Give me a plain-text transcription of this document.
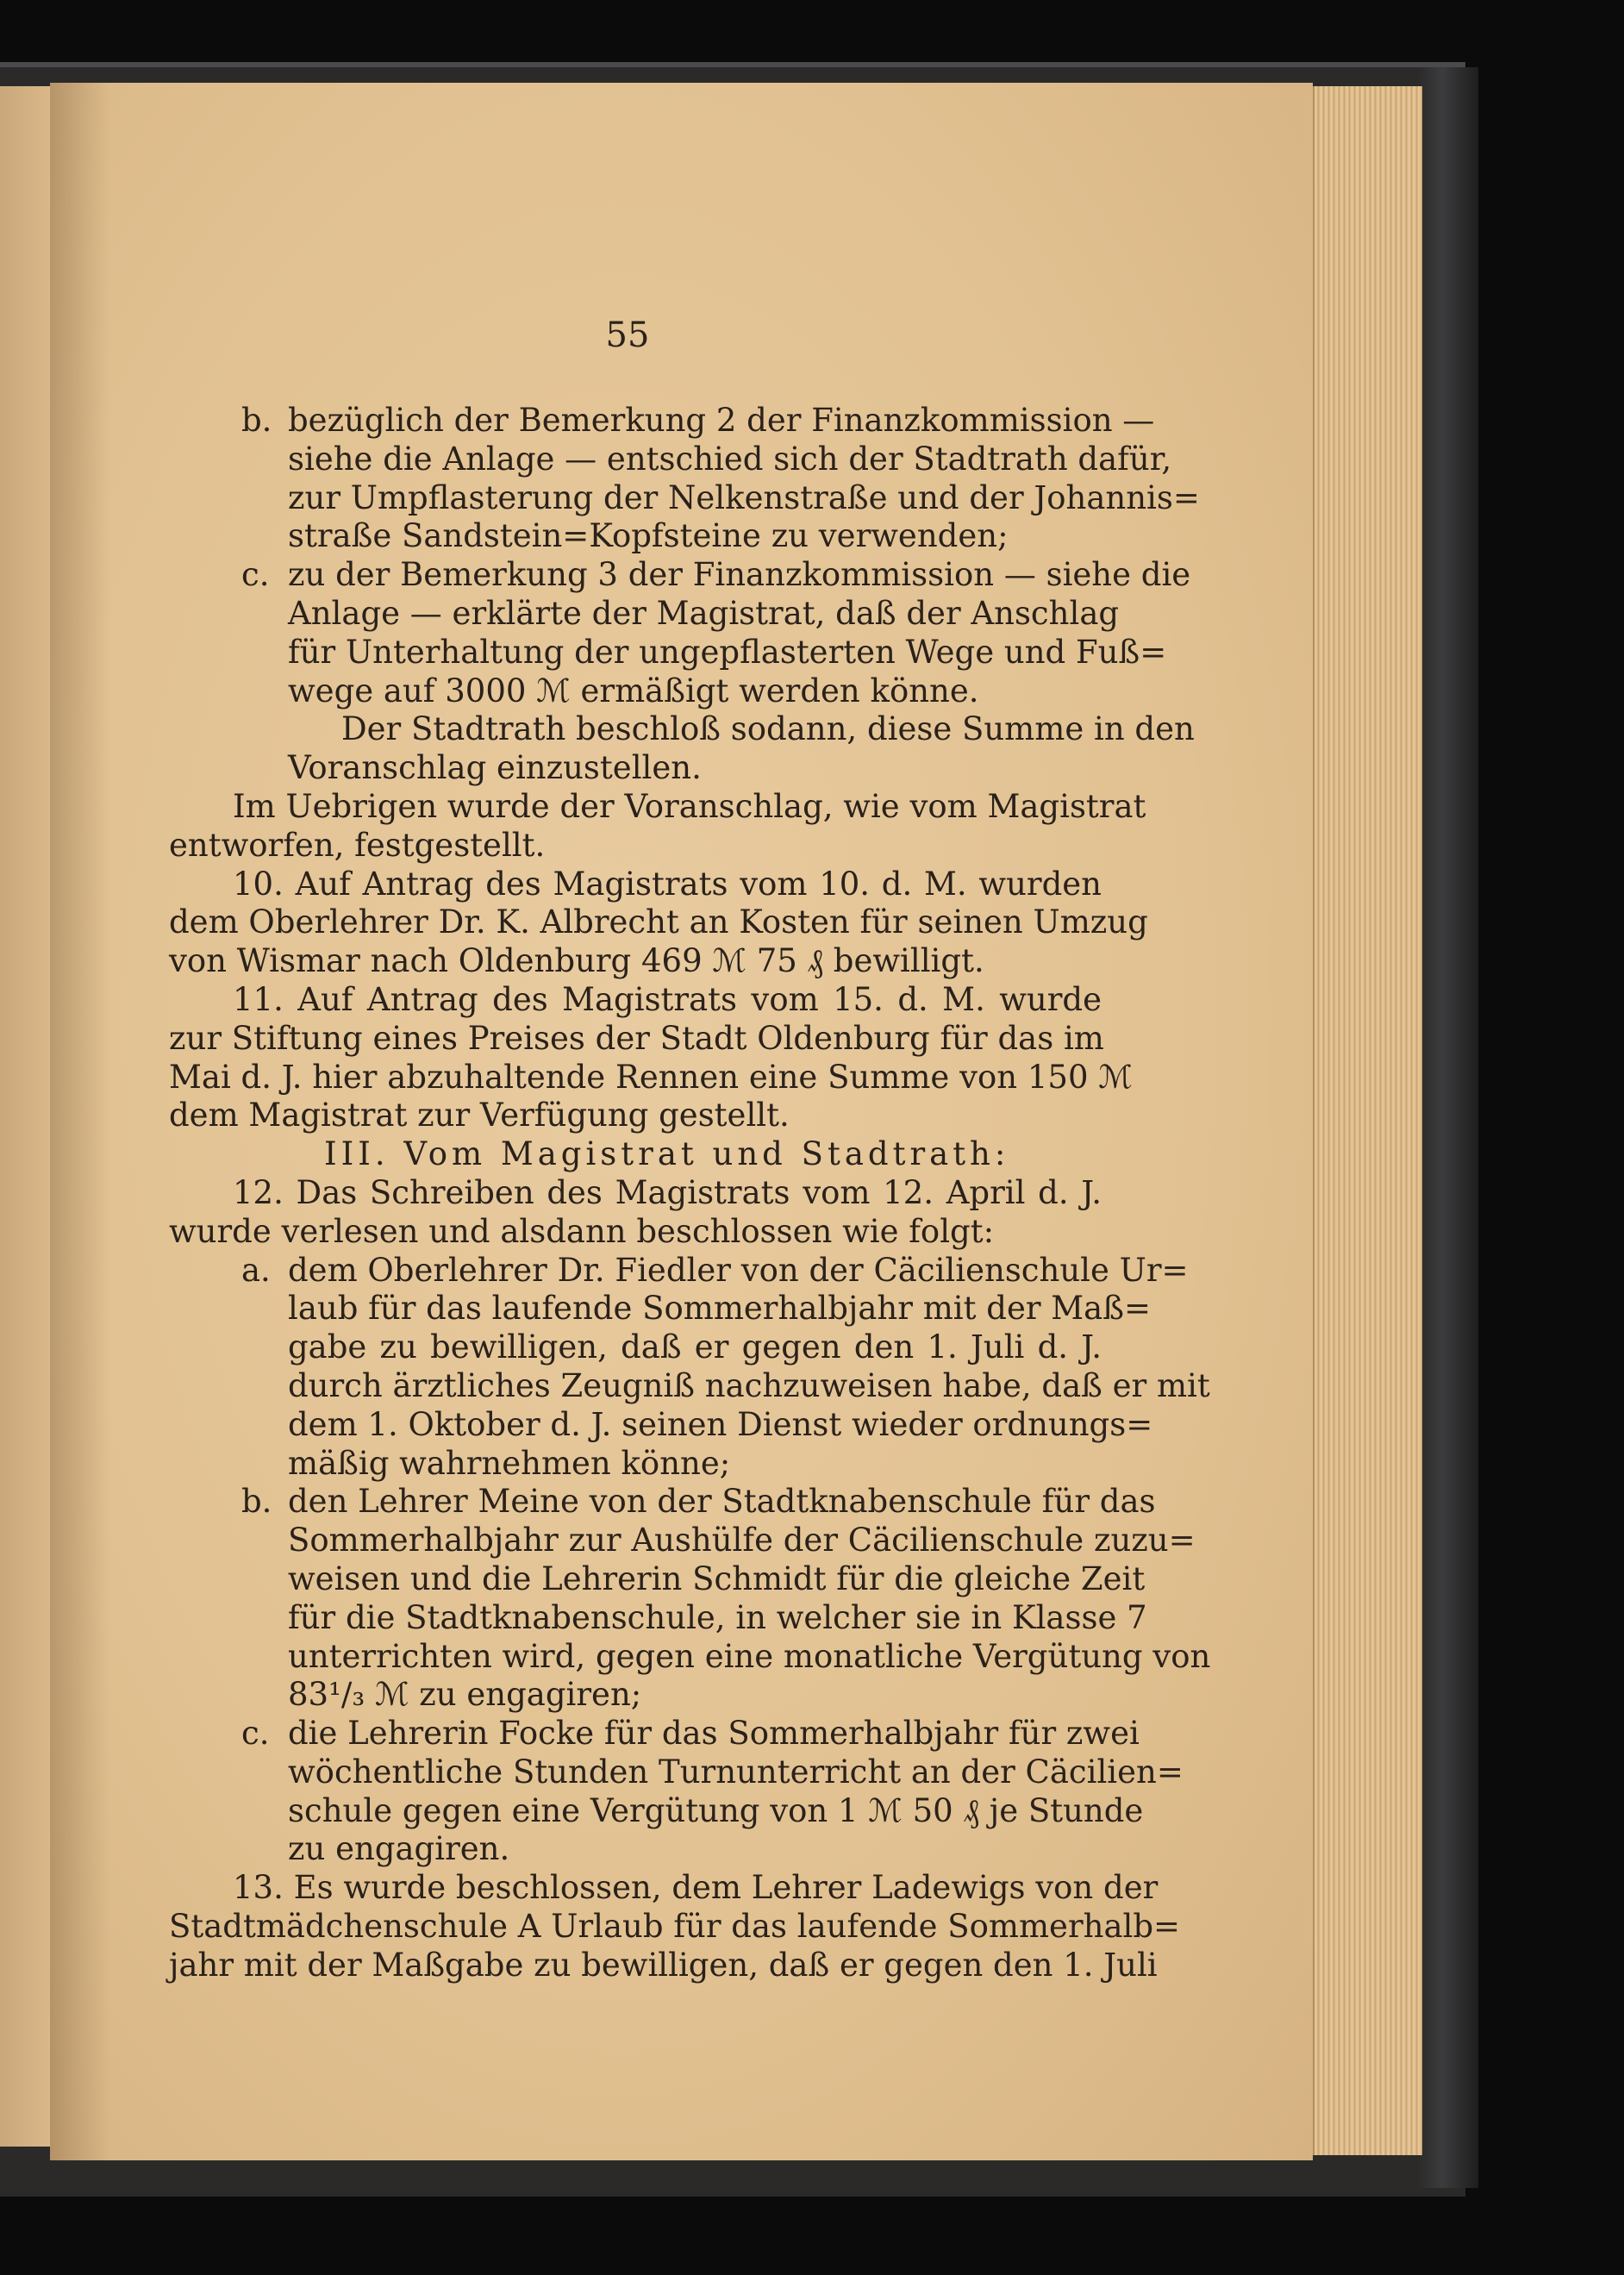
55
b. bezüglich der Bemerkung 2 der Finanzkommission —
siehe die Anlage — entschied sich der Stadtrath dafür,
zur Umpflasterung der Nelkenstraße und der Johannis=
straße Sandstein=Kopfsteine zu verwenden;
c. zu der Bemerkung 3 der Finanzkommission — siehe die
Anlage — erklärte der Magistrat, daß der Anschlag
für Unterhaltung der ungepflasterten Wege und Fuß=
wege auf 3000 ℳ ermäßigt werden könne.
Der Stadtrath beschloß sodann, diese Summe in den
Voranschlag einzustellen.
Im Uebrigen wurde der Voranschlag, wie vom Magistrat
entworfen, festgestellt.
10. Auf Antrag des Magistrats vom 10. d. M. wurden
dem Oberlehrer Dr. K. Albrecht an Kosten für seinen Umzug
von Wismar nach Oldenburg 469 ℳ 75 ₰ bewilligt.
11. Auf Antrag des Magistrats vom 15. d. M. wurde
zur Stiftung eines Preises der Stadt Oldenburg für das im
Mai d. J. hier abzuhaltende Rennen eine Summe von 150 ℳ
dem Magistrat zur Verfügung gestellt.
III. Vom Magistrat und Stadtrath:
12. Das Schreiben des Magistrats vom 12. April d. J.
wurde verlesen und alsdann beschlossen wie folgt:
a. dem Oberlehrer Dr. Fiedler von der Cäcilienschule Ur=
laub für das laufende Sommerhalbjahr mit der Maß=
gabe zu bewilligen, daß er gegen den 1. Juli d. J.
durch ärztliches Zeugniß nachzuweisen habe, daß er mit
dem 1. Oktober d. J. seinen Dienst wieder ordnungs=
mäßig wahrnehmen könne;
b. den Lehrer Meine von der Stadtknabenschule für das
Sommerhalbjahr zur Aushülfe der Cäcilienschule zuzu=
weisen und die Lehrerin Schmidt für die gleiche Zeit
für die Stadtknabenschule, in welcher sie in Klasse 7
unterrichten wird, gegen eine monatliche Vergütung von
83¹/₃ ℳ zu engagiren;
c. die Lehrerin Focke für das Sommerhalbjahr für zwei
wöchentliche Stunden Turnunterricht an der Cäcilien=
schule gegen eine Vergütung von 1 ℳ 50 ₰ je Stunde
zu engagiren.
13. Es wurde beschlossen, dem Lehrer Ladewigs von der
Stadtmädchenschule A Urlaub für das laufende Sommerhalb=
jahr mit der Maßgabe zu bewilligen, daß er gegen den 1. Juli
